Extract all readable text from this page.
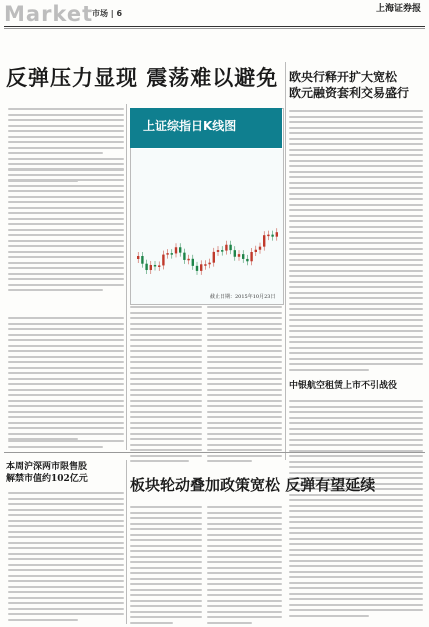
Market
市场 | 6	上海证券报
反弹压力显现 震荡难以避免
上证综指日K线图
截止日期：2015年10月23日
欧央行释开扩大宽松
欧元融资套利交易盛行
中银航空租赁上市不引战役
本周沪深两市限售股
解禁市值约102亿元	板块轮动叠加政策宽松 反弹有望延续
